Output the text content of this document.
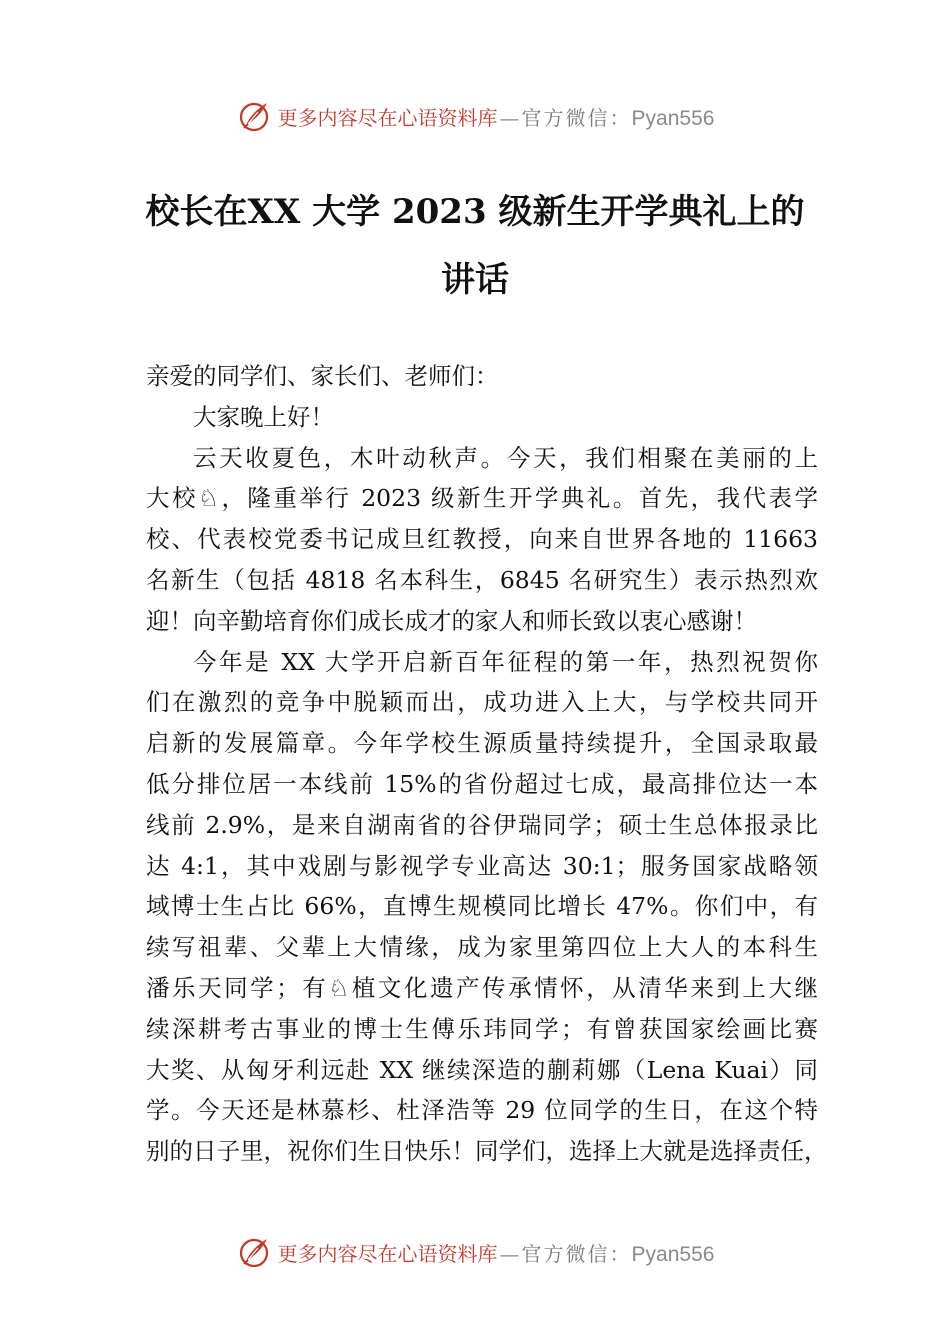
更多内容尽在心语资料库 — 官方微信： Pyan556
校长在XX 大学 2023 级新生开学典礼上的
讲话

亲爱的同学们、家长们、老师们：

大家晚上好！

云天收夏色，木叶动秋声。今天，我们相聚在美丽的上
大校♘，隆重举行 2023 级新生开学典礼。首先，我代表学
校、代表校党委书记成旦红教授，向来自世界各地的 11663
名新生（包括 4818 名本科生，6845 名研究生）表示热烈欢
迎！向辛勤培育你们成长成才的家人和师长致以衷心感谢！

今年是 XX 大学开启新百年征程的第一年，热烈祝贺你
们在激烈的竞争中脱颖而出，成功进入上大，与学校共同开
启新的发展篇章。今年学校生源质量持续提升，全国录取最
低分排位居一本线前 15%的省份超过七成，最高排位达一本
线前 2.9%，是来自湖南省的谷伊瑞同学；硕士生总体报录比
达 4:1，其中戏剧与影视学专业高达 30:1；服务国家战略领
域博士生占比 66%，直博生规模同比增长 47%。你们中，有
续写祖辈、父辈上大情缘，成为家里第四位上大人的本科生
潘乐天同学；有♘植文化遗产传承情怀，从清华来到上大继
续深耕考古事业的博士生傅乐玮同学；有曾获国家绘画比赛
大奖、从匈牙利远赴 XX 继续深造的蒯莉娜（Lena Kuai）同
学。今天还是林慕杉、杜泽浩等 29 位同学的生日，在这个特
别的日子里，祝你们生日快乐！同学们，选择上大就是选择责任，

更多内容尽在心语资料库 — 官方微信： Pyan556
